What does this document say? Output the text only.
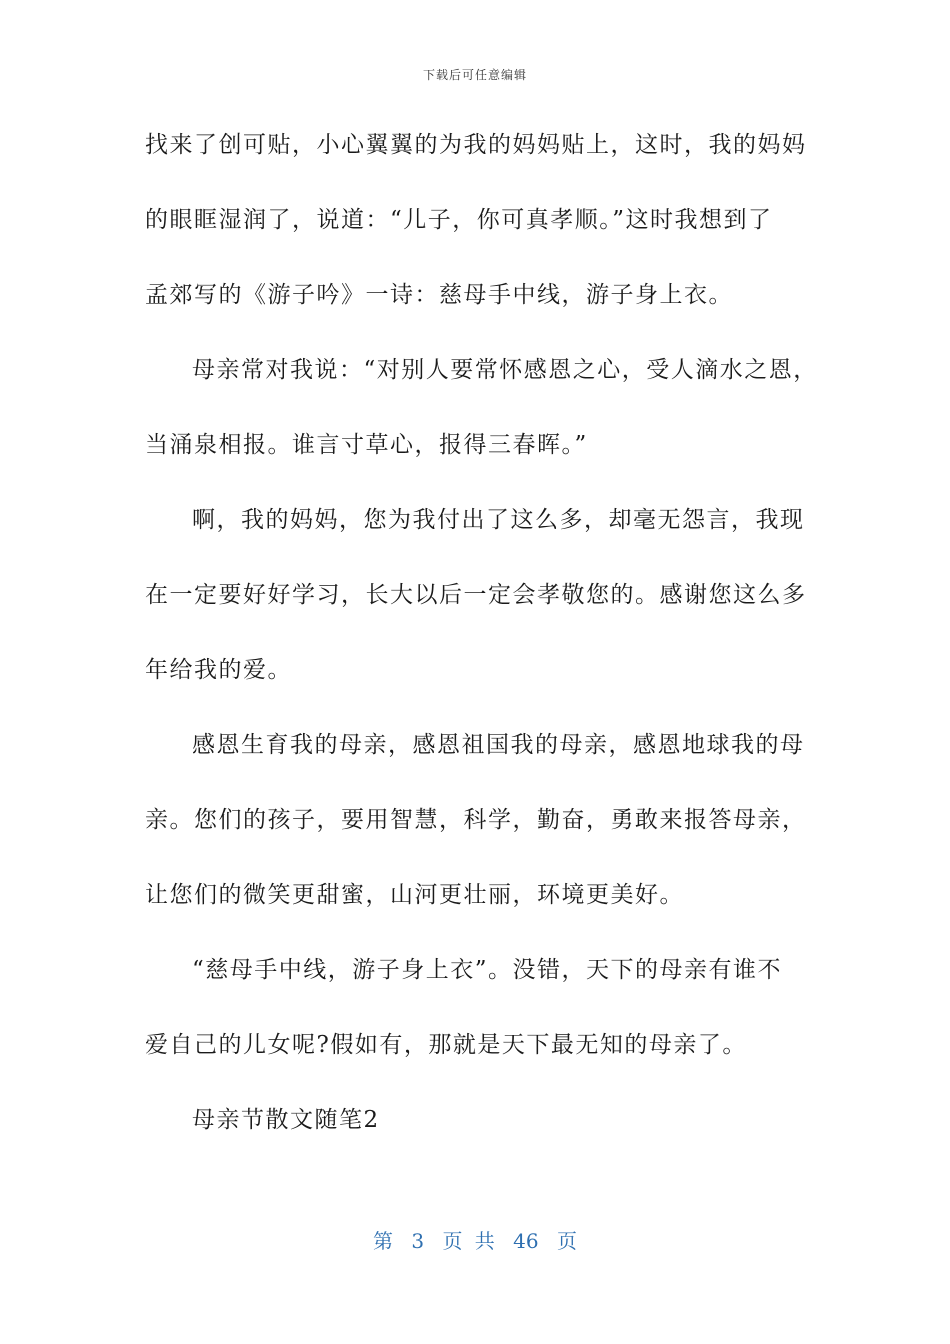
下载后可任意编辑
找来了创可贴，小心翼翼的为我的妈妈贴上，这时，我的妈妈
的眼眶湿润了，说道：“儿子，你可真孝顺。”这时我想到了
孟郊写的《游子吟》一诗：慈母手中线，游子身上衣。
母亲常对我说：“对别人要常怀感恩之心，受人滴水之恩，
当涌泉相报。谁言寸草心，报得三春晖。”
啊，我的妈妈，您为我付出了这么多，却毫无怨言，我现
在一定要好好学习，长大以后一定会孝敬您的。感谢您这么多
年给我的爱。
感恩生育我的母亲，感恩祖国我的母亲，感恩地球我的母
亲。您们的孩子，要用智慧，科学，勤奋，勇敢来报答母亲，
让您们的微笑更甜蜜，山河更壮丽，环境更美好。
“慈母手中线，游子身上衣”。没错，天下的母亲有谁不
爱自己的儿女呢?假如有，那就是天下最无知的母亲了。
母亲节散文随笔2
第 3 页 共 46 页
